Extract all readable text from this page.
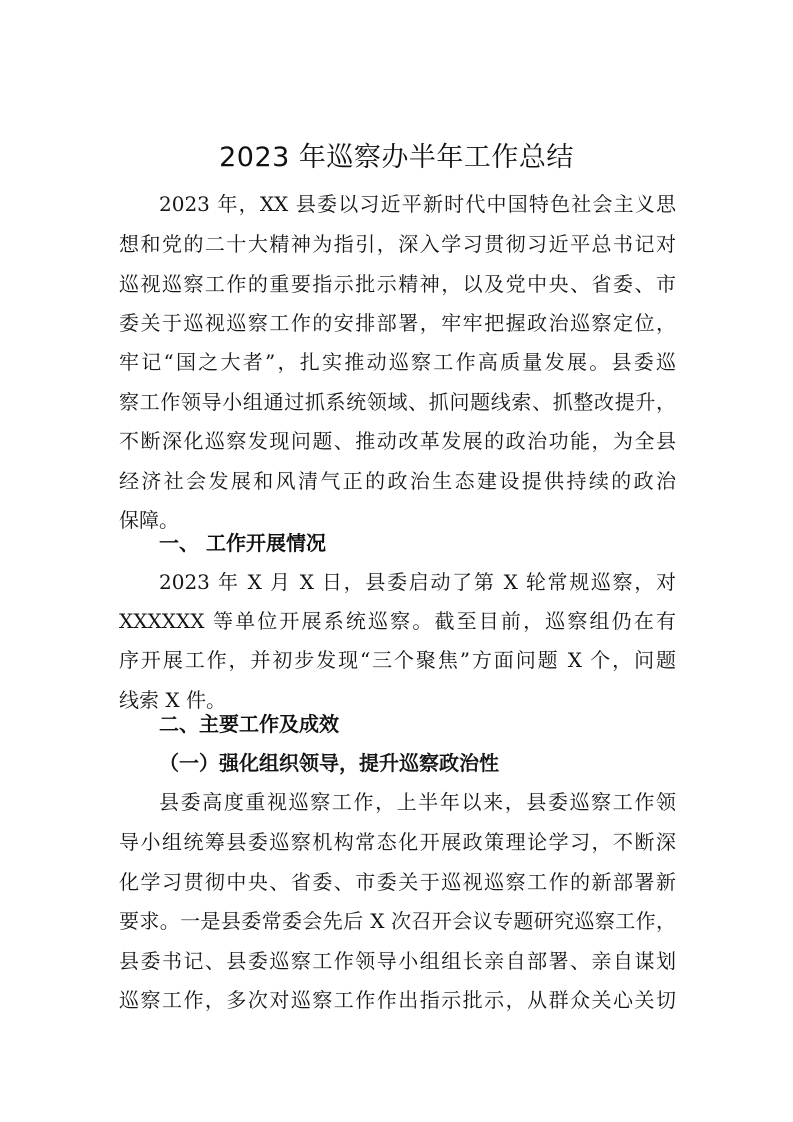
2023 年巡察办半年工作总结
2023 年，XX 县委以习近平新时代中国特色社会主义思
想和党的二十大精神为指引，深入学习贯彻习近平总书记对
巡视巡察工作的重要指示批示精神，以及党中央、省委、市
委关于巡视巡察工作的安排部署，牢牢把握政治巡察定位，
牢记“国之大者”，扎实推动巡察工作高质量发展。县委巡
察工作领导小组通过抓系统领域、抓问题线索、抓整改提升，
不断深化巡察发现问题、推动改革发展的政治功能，为全县
经济社会发展和风清气正的政治生态建设提供持续的政治
保障。
一、 工作开展情况
2023 年 X 月 X 日，县委启动了第 X 轮常规巡察，对
XXXXXX 等单位开展系统巡察。截至目前，巡察组仍在有
序开展工作，并初步发现“三个聚焦”方面问题 X 个，问题
线索 X 件。
二、主要工作及成效
（一）强化组织领导，提升巡察政治性
县委高度重视巡察工作，上半年以来，县委巡察工作领
导小组统筹县委巡察机构常态化开展政策理论学习，不断深
化学习贯彻中央、省委、市委关于巡视巡察工作的新部署新
要求。一是县委常委会先后 X 次召开会议专题研究巡察工作，
县委书记、县委巡察工作领导小组组长亲自部署、亲自谋划
巡察工作，多次对巡察工作作出指示批示，从群众关心关切
